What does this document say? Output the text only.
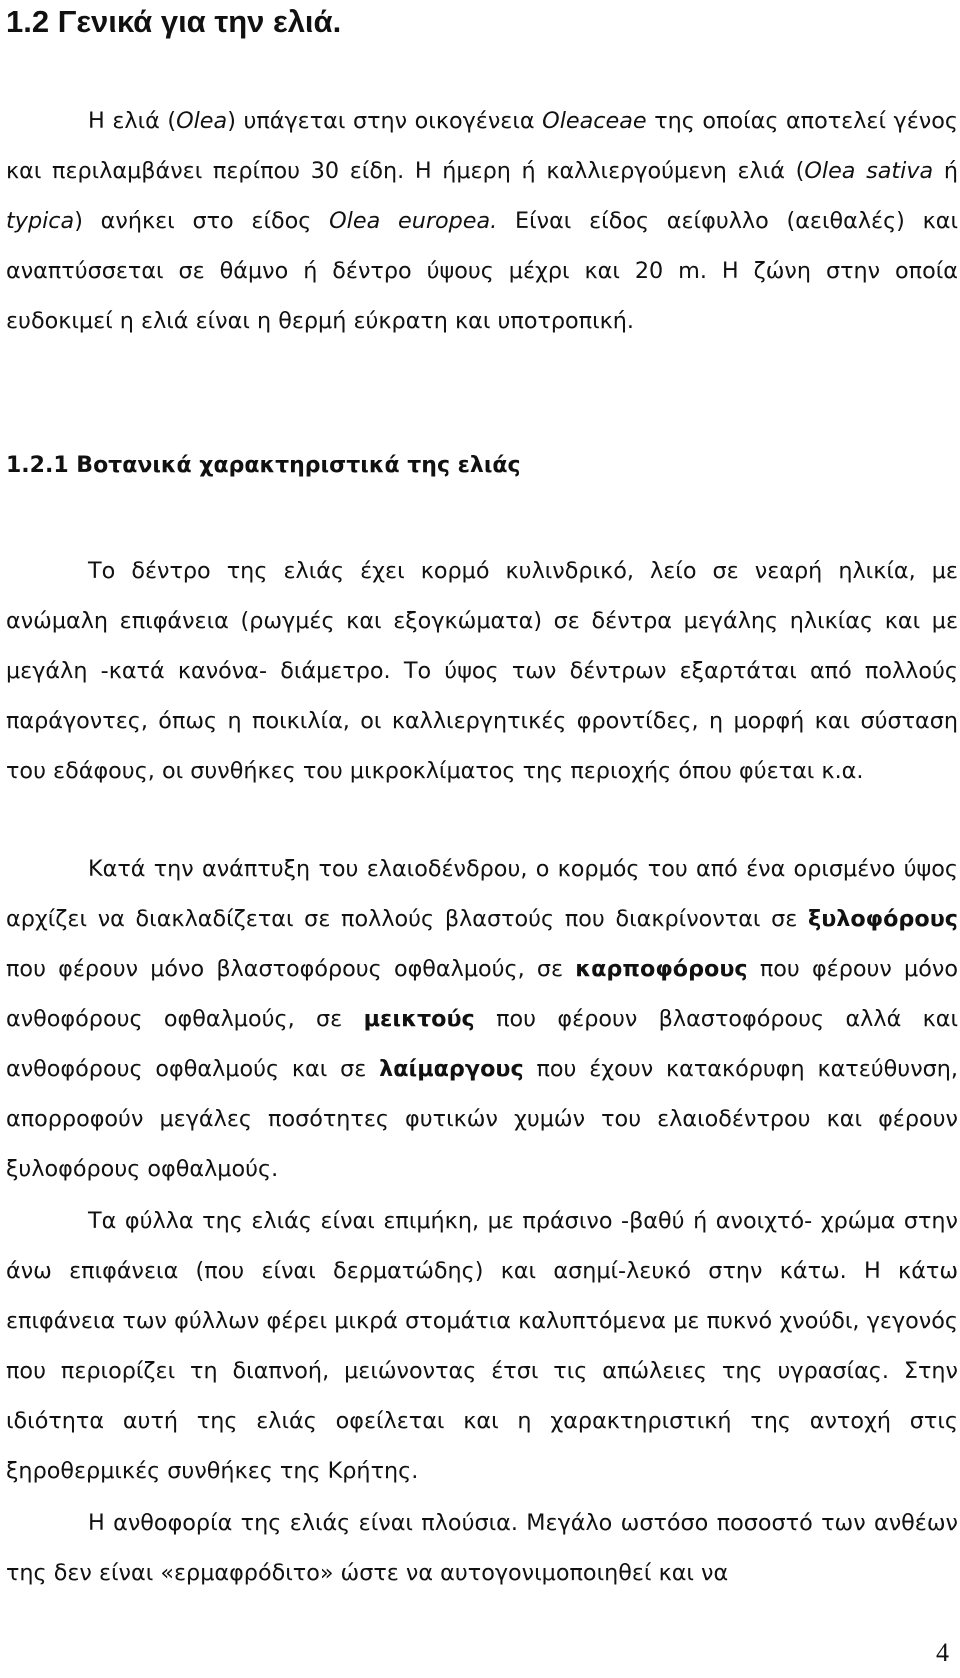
1.2 Γενικά για την ελιά.

Η ελιά (Olea) υπάγεται στην οικογένεια Oleaceae της οποίας αποτελεί γένος και περιλαμβάνει περίπου 30 είδη. Η ήμερη ή καλλιεργούμενη ελιά (Olea sativa ή typica) ανήκει στο είδος Olea europea. Είναι είδος αείφυλλο (αειθαλές) και αναπτύσσεται σε θάμνο ή δέντρο ύψους μέχρι και 20 m. Η ζώνη στην οποία ευδοκιμεί η ελιά είναι η θερμή εύκρατη και υποτροπική.

1.2.1 Βοτανικά χαρακτηριστικά της ελιάς

Το δέντρο της ελιάς έχει κορμό κυλινδρικό, λείο σε νεαρή ηλικία, με ανώμαλη επιφάνεια (ρωγμές και εξογκώματα) σε δέντρα μεγάλης ηλικίας και με μεγάλη -κατά κανόνα- διάμετρο. Το ύψος των δέντρων εξαρτάται από πολλούς παράγοντες, όπως η ποικιλία, οι καλλιεργητικές φροντίδες, η μορφή και σύσταση του εδάφους, οι συνθήκες του μικροκλίματος της περιοχής όπου φύεται κ.α.

Κατά την ανάπτυξη του ελαιοδένδρου, ο κορμός του από ένα ορισμένο ύψος αρχίζει να διακλαδίζεται σε πολλούς βλαστούς που διακρίνονται σε ξυλοφόρους που φέρουν μόνο βλαστοφόρους οφθαλμούς, σε καρποφόρους που φέρουν μόνο ανθοφόρους οφθαλμούς, σε μεικτούς που φέρουν βλαστοφόρους αλλά και ανθοφόρους οφθαλμούς και σε λαίμαργους που έχουν κατακόρυφη κατεύθυνση, απορροφούν μεγάλες ποσότητες φυτικών χυμών του ελαιοδέντρου και φέρουν ξυλοφόρους οφθαλμούς.

Τα φύλλα της ελιάς είναι επιμήκη, με πράσινο -βαθύ ή ανοιχτό- χρώμα στην άνω επιφάνεια (που είναι δερματώδης) και ασημί-λευκό στην κάτω. Η κάτω επιφάνεια των φύλλων φέρει μικρά στομάτια καλυπτόμενα με πυκνό χνούδι, γεγονός που περιορίζει τη διαπνοή, μειώνοντας έτσι τις απώλειες της υγρασίας. Στην ιδιότητα αυτή της ελιάς οφείλεται και η χαρακτηριστική της αντοχή στις ξηροθερμικές συνθήκες της Κρήτης.

Η ανθοφορία της ελιάς είναι πλούσια. Μεγάλο ωστόσο ποσοστό των ανθέων της δεν είναι «ερμαφρόδιτο» ώστε να αυτογονιμοποιηθεί και να

4
